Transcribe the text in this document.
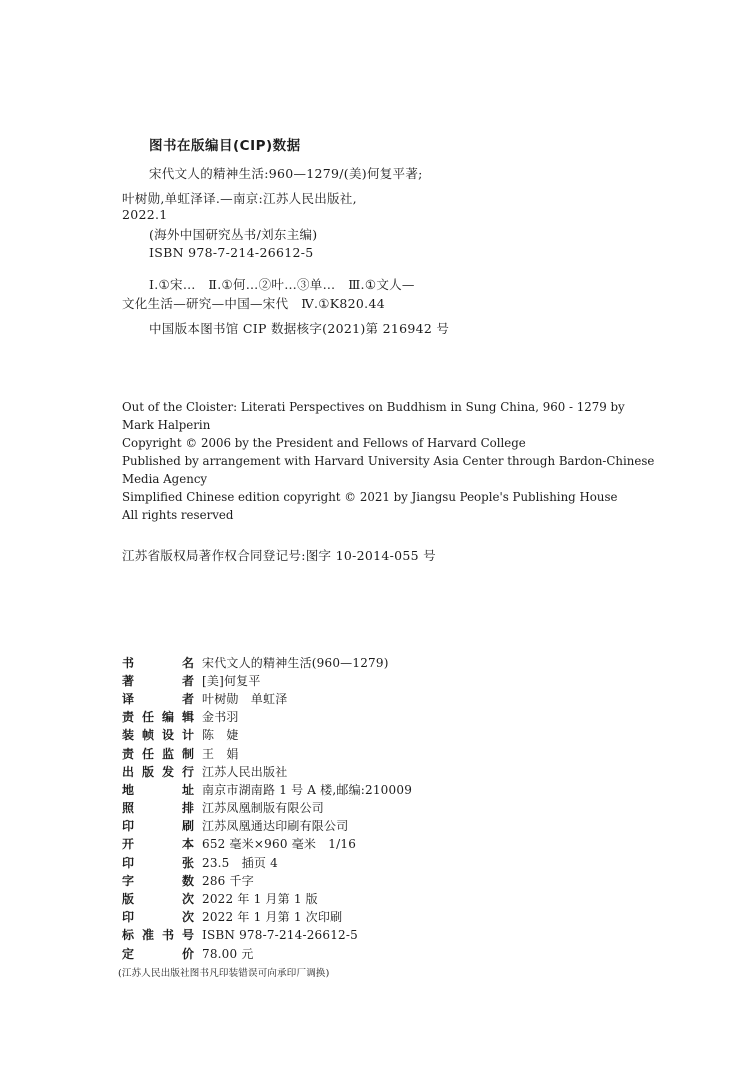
图书在版编目(CIP)数据
宋代文人的精神生活:960—1279/(美)何复平著;
叶树勋,单虹泽译.—南京:江苏人民出版社,
2022.1
(海外中国研究丛书/刘东主编)
ISBN 978-7-214-26612-5
Ⅰ.①宋…　Ⅱ.①何…②叶…③单…　Ⅲ.①文人—
文化生活—研究—中国—宋代　Ⅳ.①K820.44
中国版本图书馆 CIP 数据核字(2021)第 216942 号
Out of the Cloister: Literati Perspectives on Buddhism in Sung China, 960 - 1279 by
Mark Halperin
Copyright © 2006 by the President and Fellows of Harvard College
Published by arrangement with Harvard University Asia Center through Bardon-Chinese
Media Agency
Simplified Chinese edition copyright © 2021 by Jiangsu People's Publishing House
All rights reserved
江苏省版权局著作权合同登记号:图字 10-2014-055 号
书	名 宋代文人的精神生活(960—1279)
著	者 [美]何复平
译	者 叶树勋　单虹泽
责 任 编 辑 金书羽
装 帧 设 计 陈　婕
责 任 监 制 王　娟
出 版 发 行 江苏人民出版社
地	址 南京市湖南路 1 号 A 楼,邮编:210009
照	排 江苏凤凰制版有限公司
印	刷 江苏凤凰通达印刷有限公司
开	本 652 毫米×960 毫米　1/16
印	张 23.5　插页 4
字	数 286 千字
版	次 2022 年 1 月第 1 版
印	次 2022 年 1 月第 1 次印刷
标 准 书 号 ISBN 978-7-214-26612-5
定	价 78.00 元
(江苏人民出版社图书凡印装错误可向承印厂调换)
